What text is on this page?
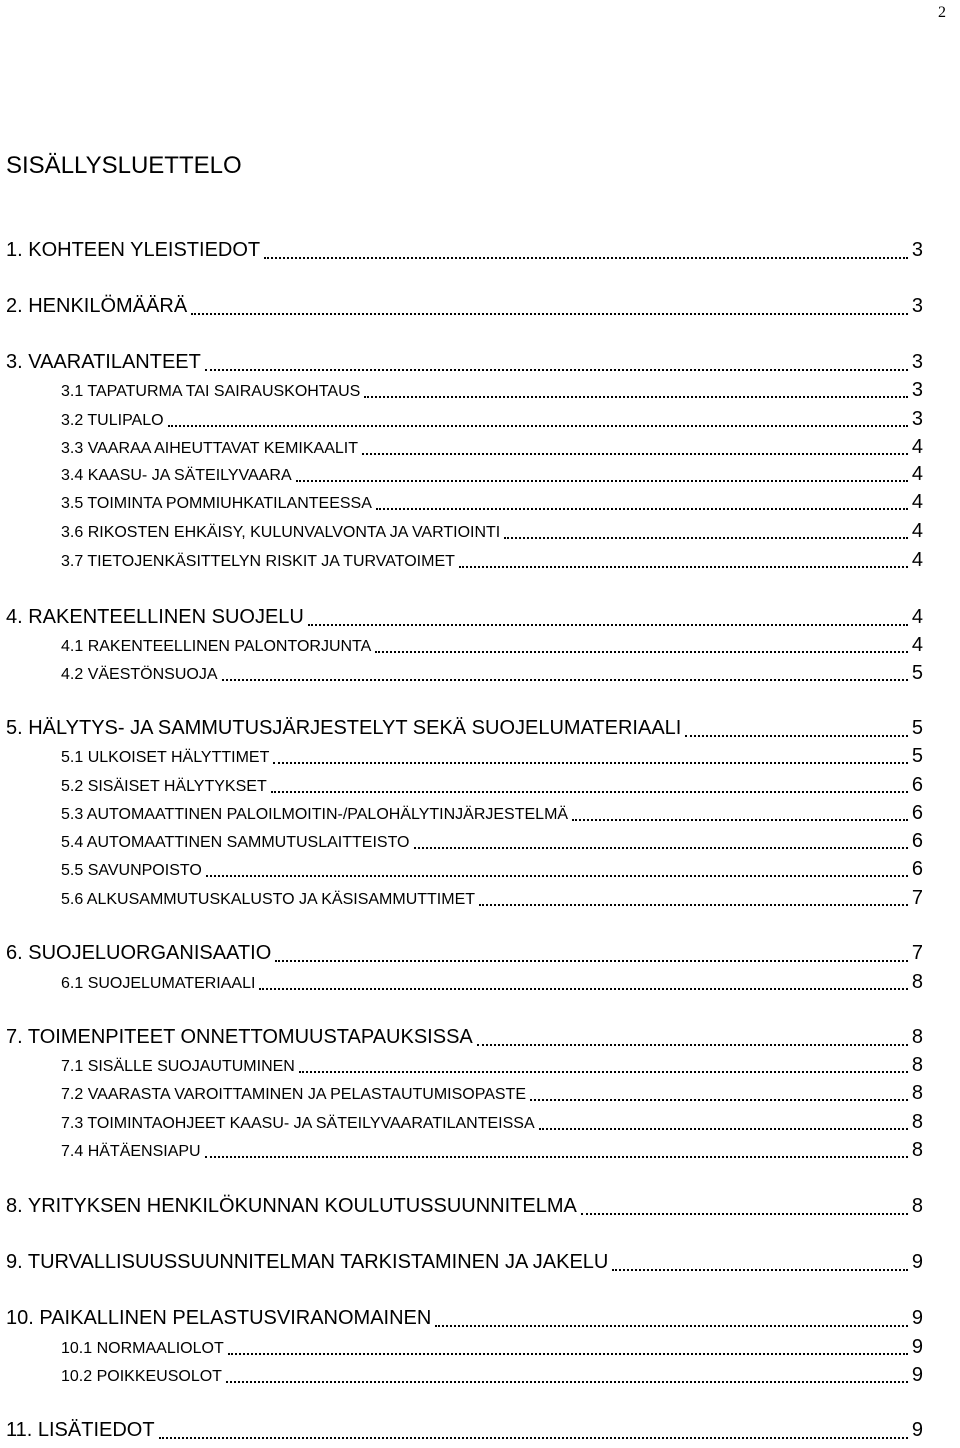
2
SISÄLLYSLUETTELO
1. KOHTEEN YLEISTIEDOT	3
2. HENKILÖMÄÄRÄ	3
3. VAARATILANTEET	3
3.1 TAPATURMA TAI SAIRAUSKOHTAUS	3
3.2 TULIPALO	3
3.3 VAARAA AIHEUTTAVAT KEMIKAALIT	4
3.4 KAASU- JA SÄTEILYVAARA	4
3.5 TOIMINTA POMMIUHKATILANTEESSA	4
3.6 RIKOSTEN EHKÄISY, KULUNVALVONTA JA VARTIOINTI	4
3.7 TIETOJENKÄSITTELYN RISKIT JA TURVATOIMET	4
4. RAKENTEELLINEN SUOJELU	4
4.1 RAKENTEELLINEN PALONTORJUNTA	4
4.2 VÄESTÖNSUOJA	5
5. HÄLYTYS- JA SAMMUTUSJÄRJESTELYT SEKÄ SUOJELUMATERIAALI	5
5.1 ULKOISET HÄLYTTIMET	5
5.2 SISÄISET HÄLYTYKSET	6
5.3 AUTOMAATTINEN PALOILMOITIN-/PALOHÄLYTINJÄRJESTELMÄ	6
5.4 AUTOMAATTINEN SAMMUTUSLAITTEISTO	6
5.5 SAVUNPOISTO	6
5.6 ALKUSAMMUTUSKALUSTO JA KÄSISAMMUTTIMET	7
6. SUOJELUORGANISAATIO	7
6.1 SUOJELUMATERIAALI	8
7. TOIMENPITEET ONNETTOMUUSTAPAUKSISSA	8
7.1 SISÄLLE SUOJAUTUMINEN	8
7.2 VAARASTA VAROITTAMINEN JA PELASTAUTUMISOPASTE	8
7.3 TOIMINTAOHJEET KAASU- JA SÄTEILYVAARATILANTEISSA	8
7.4 HÄTÄENSIAPU	8
8. YRITYKSEN HENKILÖKUNNAN KOULUTUSSUUNNITELMA	8
9. TURVALLISUUSSUUNNITELMAN TARKISTAMINEN JA JAKELU	9
10. PAIKALLINEN PELASTUSVIRANOMAINEN	9
10.1 NORMAALIOLOT	9
10.2 POIKKEUSOLOT	9
11. LISÄTIEDOT	9
